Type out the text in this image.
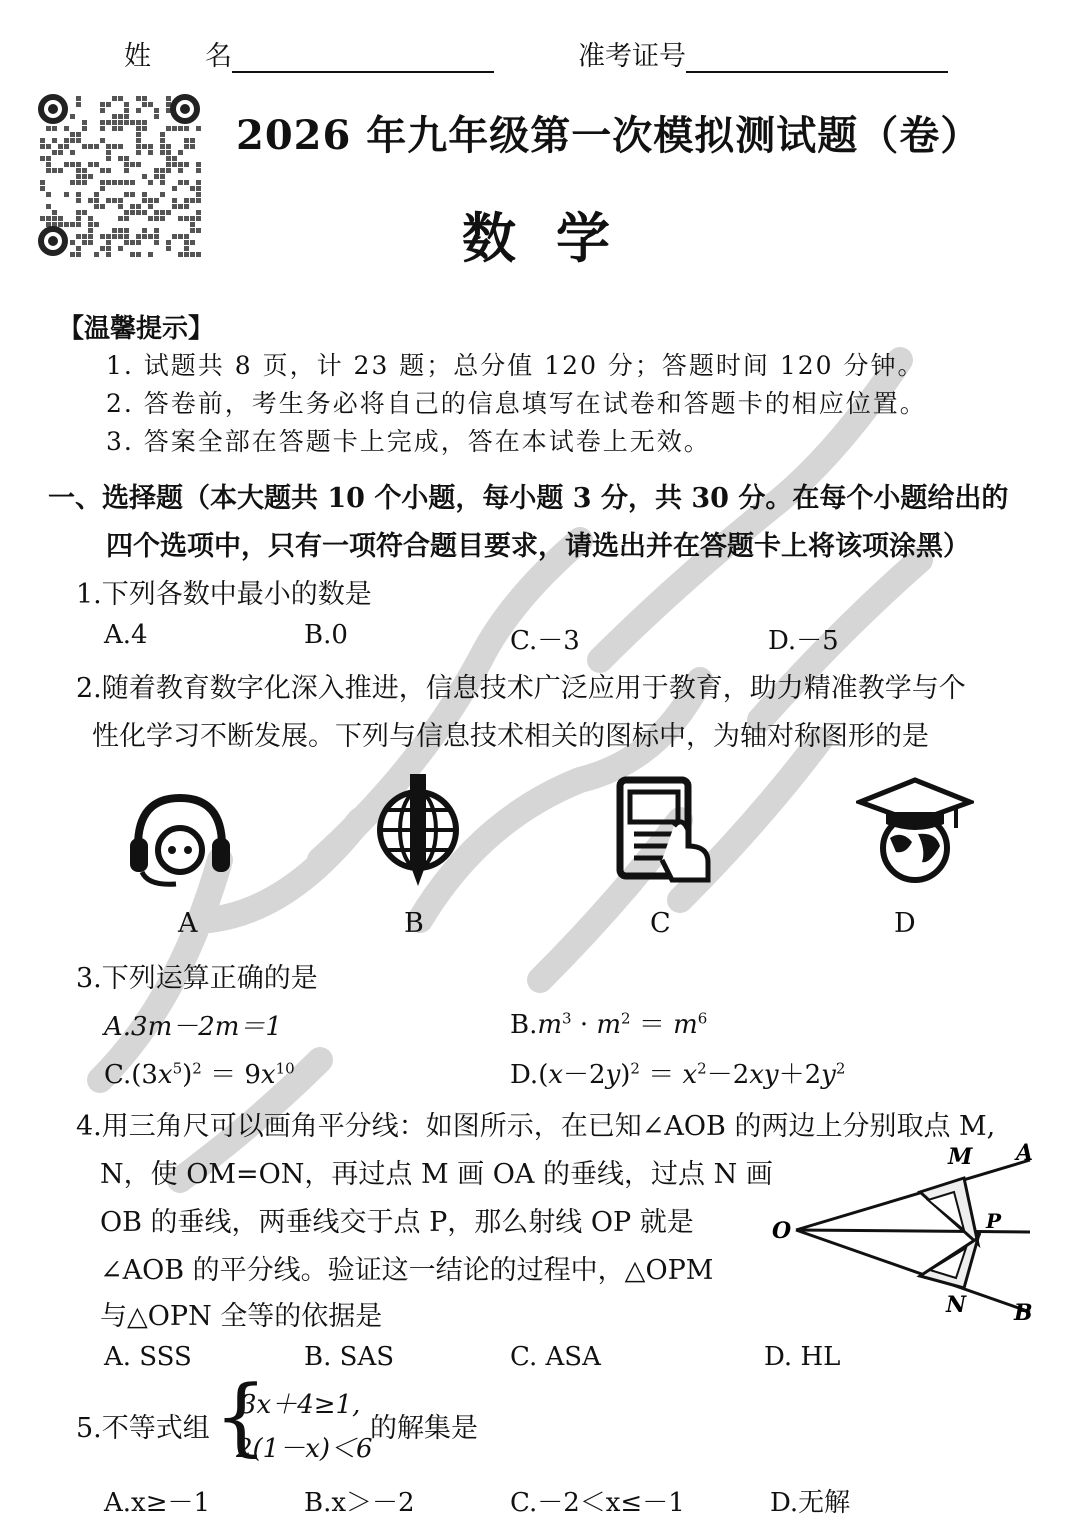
姓　　名	准考证号
2026 年九年级第一次模拟测试题（卷）
数学
【温馨提示】
1. 试题共 8 页，计 23 题；总分值 120 分；答题时间 120 分钟。
2. 答卷前，考生务必将自己的信息填写在试卷和答题卡的相应位置。
3. 答案全部在答题卡上完成，答在本试卷上无效。
一、选择题（本大题共 10 个小题，每小题 3 分，共 30 分。在每个小题给出的
四个选项中，只有一项符合题目要求，请选出并在答题卡上将该项涂黑）
1.下列各数中最小的数是
A.4	B.0	C.－3	D.－5
2.随着教育数字化深入推进，信息技术广泛应用于教育，助力精准教学与个
性化学习不断发展。下列与信息技术相关的图标中，为轴对称图形的是
A	B	C	D
3.下列运算正确的是
A.3m－2m＝1	$B.m^3 \cdot m^2 = m^6$
$C.(3x^5)^2 = 9x^{10}$	$D.(x-2y)^2 = x^2-2xy+2y^2$
4.用三角尺可以画角平分线：如图所示，在已知∠AOB 的两边上分别取点 M,
N，使 OM=ON，再过点 M 画 OA 的垂线，过点 N 画
OB 的垂线，两垂线交于点 P，那么射线 OP 就是
∠AOB 的平分线。验证这一结论的过程中，△OPM
与△OPN 全等的依据是
O
M A
P
N B
A. SSS	B. SAS	C. ASA	D. HL
5.不等式组 {
3x＋4≥1,
2(1－x)＜6
的解集是
A.x≥－1	B.x＞－2	C.－2＜x≤－1	D.无解
